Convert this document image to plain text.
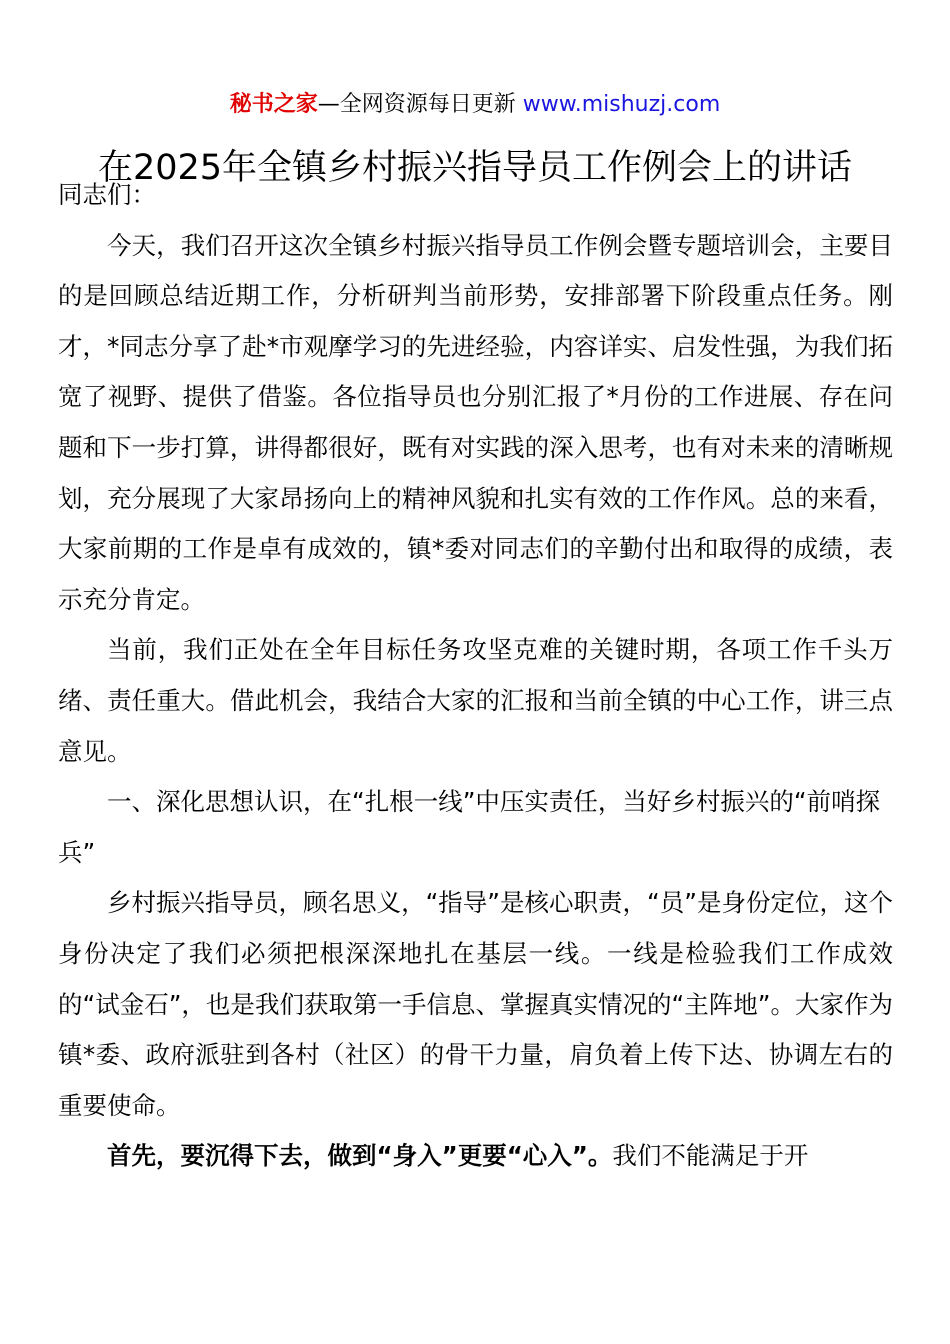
秘书之家—全网资源每日更新 www.mishuzj.com
在2025年全镇乡村振兴指导员工作例会上的讲话

同志们：

今天，我们召开这次全镇乡村振兴指导员工作例会暨专题培训会，主要目的是回顾总结近期工作，分析研判当前形势，安排部署下阶段重点任务。刚才，*同志分享了赴*市观摩学习的先进经验，内容详实、启发性强，为我们拓宽了视野、提供了借鉴。各位指导员也分别汇报了*月份的工作进展、存在问题和下一步打算，讲得都很好，既有对实践的深入思考，也有对未来的清晰规划，充分展现了大家昂扬向上的精神风貌和扎实有效的工作作风。总的来看，大家前期的工作是卓有成效的，镇*委对同志们的辛勤付出和取得的成绩，表示充分肯定。

当前，我们正处在全年目标任务攻坚克难的关键时期，各项工作千头万绪、责任重大。借此机会，我结合大家的汇报和当前全镇的中心工作，讲三点意见。

一、深化思想认识，在“扎根一线”中压实责任，当好乡村振兴的“前哨探兵”

乡村振兴指导员，顾名思义，“指导”是核心职责，“员”是身份定位，这个身份决定了我们必须把根深深地扎在基层一线。一线是检验我们工作成效的“试金石”，也是我们获取第一手信息、掌握真实情况的“主阵地”。大家作为镇*委、政府派驻到各村（社区）的骨干力量，肩负着上传下达、协调左右的重要使命。

首先，要沉得下去，做到“身入”更要“心入”。我们不能满足于开
